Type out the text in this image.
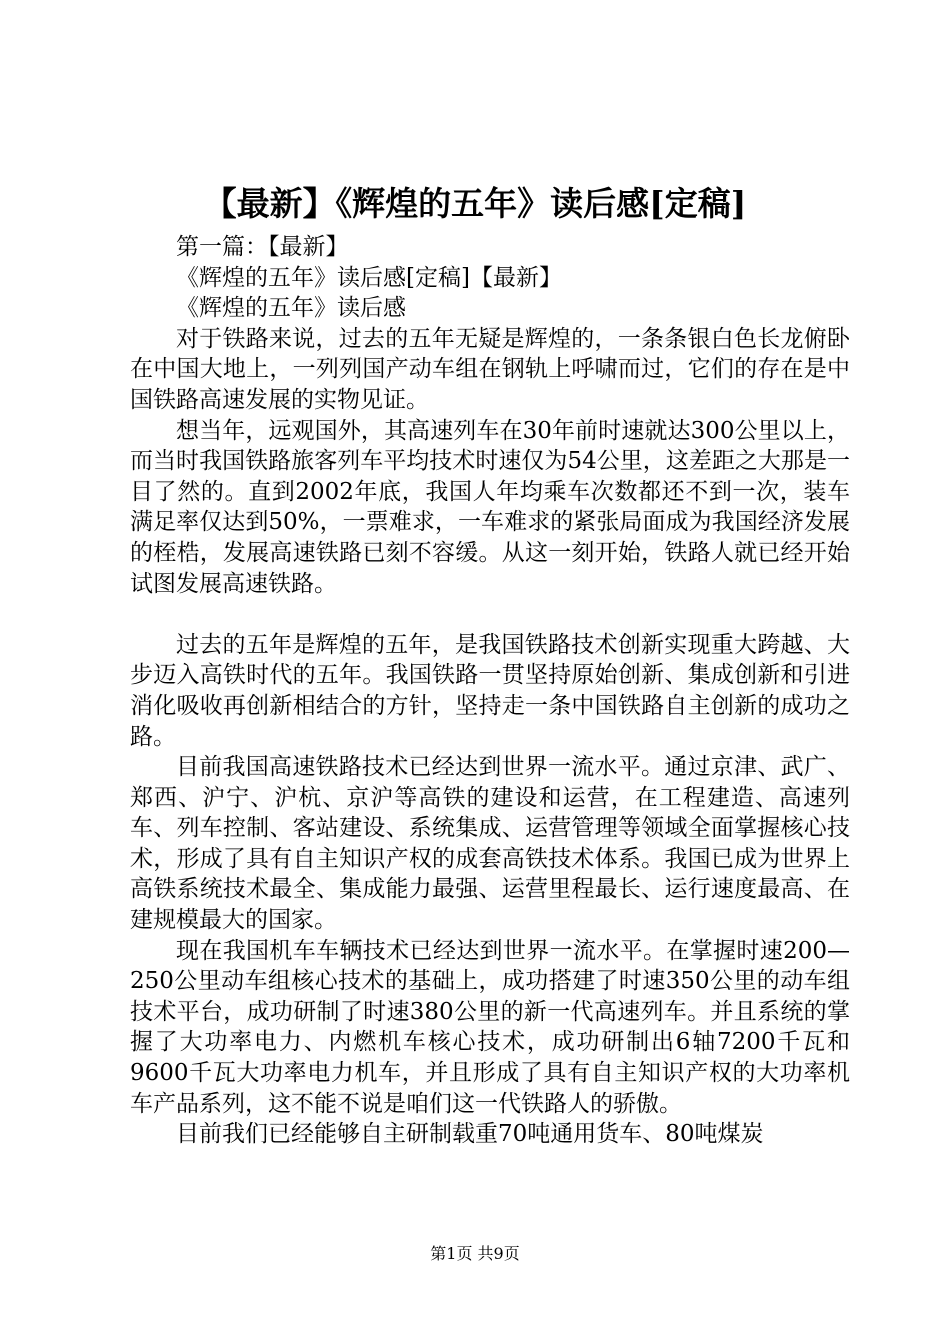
【最新】《辉煌的五年》读后感[定稿]

第一篇：【最新】

《辉煌的五年》读后感[定稿]【最新】

《辉煌的五年》读后感

对于铁路来说，过去的五年无疑是辉煌的，一条条银白色长龙俯卧在中国大地上，一列列国产动车组在钢轨上呼啸而过，它们的存在是中国铁路高速发展的实物见证。

想当年，远观国外，其高速列车在30年前时速就达300公里以上，而当时我国铁路旅客列车平均技术时速仅为54公里，这差距之大那是一目了然的。直到2002年底，我国人年均乘车次数都还不到一次，装车满足率仅达到50%，一票难求，一车难求的紧张局面成为我国经济发展的桎梏，发展高速铁路已刻不容缓。从这一刻开始，铁路人就已经开始试图发展高速铁路。

过去的五年是辉煌的五年，是我国铁路技术创新实现重大跨越、大步迈入高铁时代的五年。我国铁路一贯坚持原始创新、集成创新和引进消化吸收再创新相结合的方针，坚持走一条中国铁路自主创新的成功之路。

目前我国高速铁路技术已经达到世界一流水平。通过京津、武广、郑西、沪宁、沪杭、京沪等高铁的建设和运营，在工程建造、高速列车、列车控制、客站建设、系统集成、运营管理等领域全面掌握核心技术，形成了具有自主知识产权的成套高铁技术体系。我国已成为世界上高铁系统技术最全、集成能力最强、运营里程最长、运行速度最高、在建规模最大的国家。

现在我国机车车辆技术已经达到世界一流水平。在掌握时速200—250公里动车组核心技术的基础上，成功搭建了时速350公里的动车组技术平台，成功研制了时速380公里的新一代高速列车。并且系统的掌握了大功率电力、内燃机车核心技术，成功研制出6轴7200千瓦和9600千瓦大功率电力机车，并且形成了具有自主知识产权的大功率机车产品系列，这不能不说是咱们这一代铁路人的骄傲。

目前我们已经能够自主研制载重70吨通用货车、80吨煤炭

第1页 共9页
